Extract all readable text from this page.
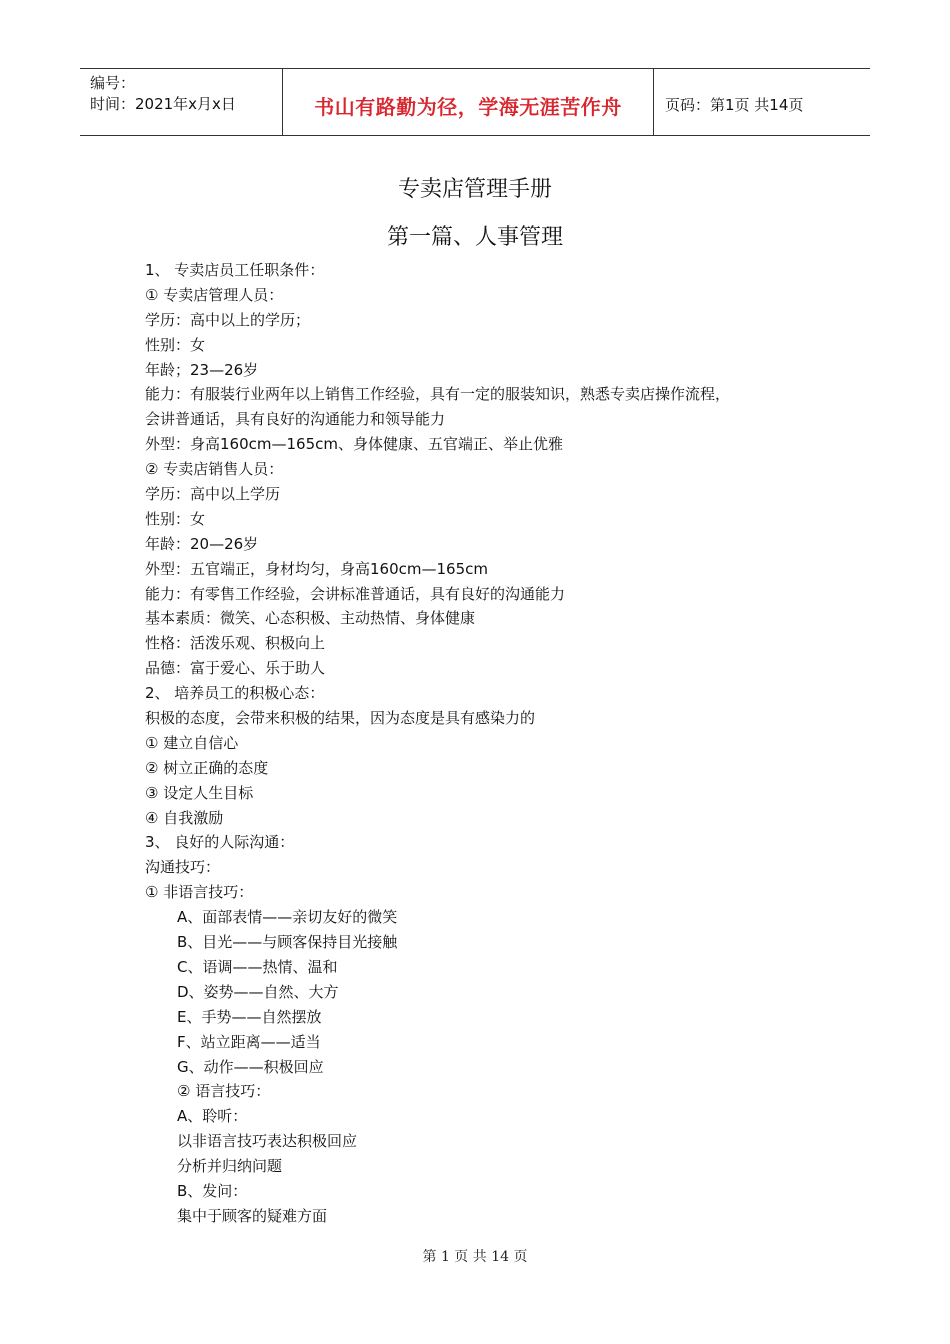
编号：
时间：2021年x月x日	书山有路勤为径，学海无涯苦作舟	页码：第1页 共14页
专卖店管理手册
第一篇、人事管理
1、 专卖店员工任职条件：
① 专卖店管理人员：
学历：高中以上的学历；
性别：女
年龄；23—26岁
能力：有服装行业两年以上销售工作经验，具有一定的服装知识，熟悉专卖店操作流程，
会讲普通话，具有良好的沟通能力和领导能力
外型：身高160cm—165cm、身体健康、五官端正、举止优雅
② 专卖店销售人员：
学历：高中以上学历
性别：女
年龄：20—26岁
外型：五官端正，身材均匀，身高160cm—165cm
能力：有零售工作经验，会讲标准普通话，具有良好的沟通能力
基本素质：微笑、心态积极、主动热情、身体健康
性格：活泼乐观、积极向上
品德：富于爱心、乐于助人
2、 培养员工的积极心态：
积极的态度，会带来积极的结果，因为态度是具有感染力的
① 建立自信心
② 树立正确的态度
③ 设定人生目标
④ 自我激励
3、 良好的人际沟通：
沟通技巧：
① 非语言技巧：
A、面部表情——亲切友好的微笑
B、目光——与顾客保持目光接触
C、语调——热情、温和
D、姿势——自然、大方
E、手势——自然摆放
F、站立距离——适当
G、动作——积极回应
② 语言技巧：
A、聆听：
以非语言技巧表达积极回应
分析并归纳问题
B、发问：
集中于顾客的疑难方面
第 1 页 共 14 页
